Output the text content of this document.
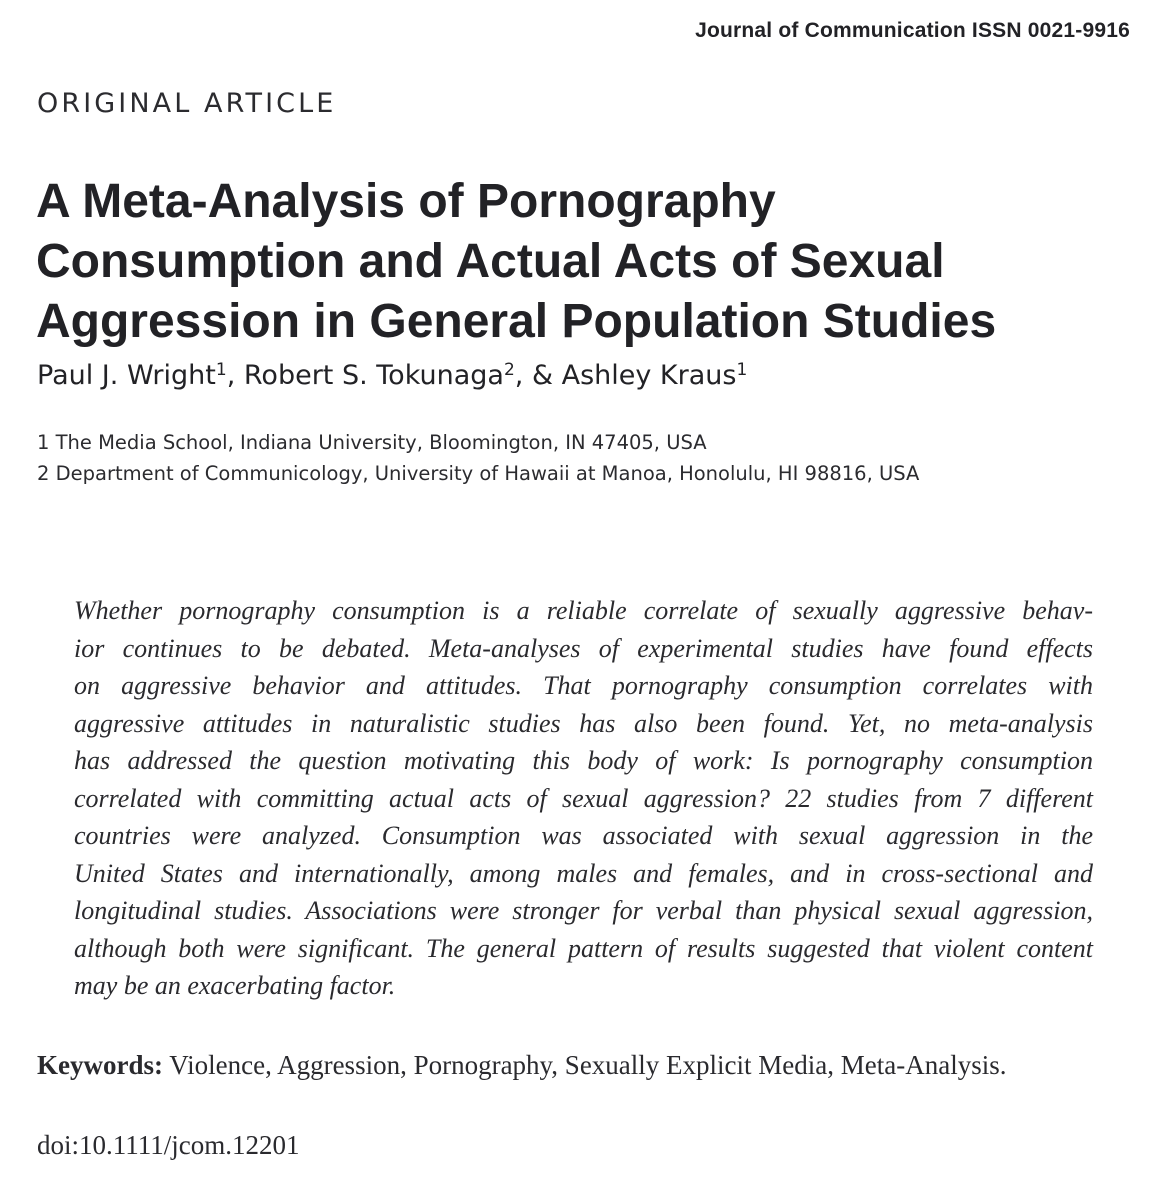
Journal of Communication ISSN 0021-9916
ORIGINAL ARTICLE
A Meta-Analysis of Pornography
Consumption and Actual Acts of Sexual
Aggression in General Population Studies
Paul J. Wright$^1$, Robert S. Tokunaga$^2$, & Ashley Kraus$^1$
1 The Media School, Indiana University, Bloomington, IN 47405, USA
2 Department of Communicology, University of Hawaii at Manoa, Honolulu, HI 98816, USA
Whether pornography consumption is a reliable correlate of sexually aggressive behav-
ior continues to be debated. Meta-analyses of experimental studies have found effects
on aggressive behavior and attitudes. That pornography consumption correlates with
aggressive attitudes in naturalistic studies has also been found. Yet, no meta-analysis
has addressed the question motivating this body of work: Is pornography consumption
correlated with committing actual acts of sexual aggression? 22 studies from 7 different
countries were analyzed. Consumption was associated with sexual aggression in the
United States and internationally, among males and females, and in cross-sectional and
longitudinal studies. Associations were stronger for verbal than physical sexual aggression,
although both were significant. The general pattern of results suggested that violent content
may be an exacerbating factor.
Keywords: Violence, Aggression, Pornography, Sexually Explicit Media, Meta-Analysis.
doi:10.1111/jcom.12201
